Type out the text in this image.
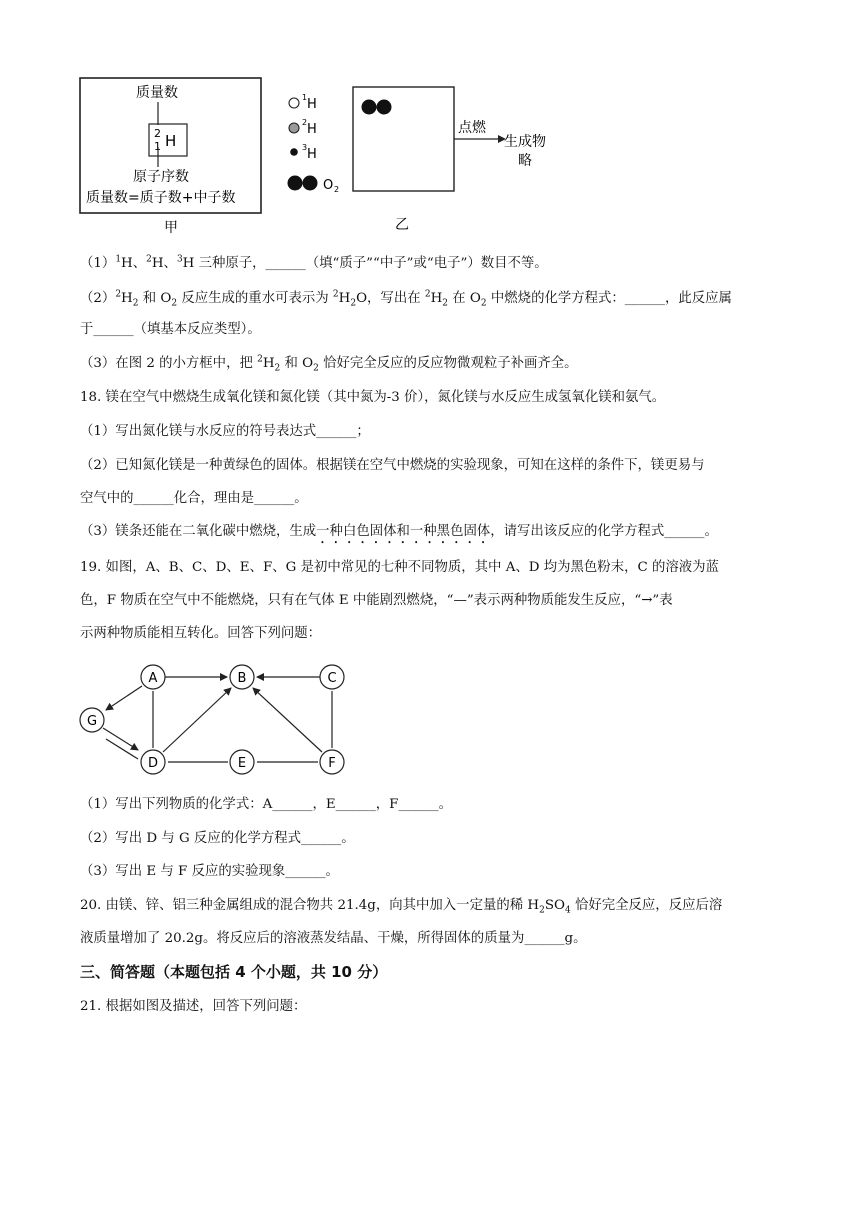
质量数
2
1 H
原子序数
质量数=质子数+中子数
甲
1 H
2 H
3 H
O 2
点燃
生成物
略
乙
$(1)^1H$、$^2$H、$^3$H 三种原子，______（填“质子”“中子”或“电子”）数目不等。
$(2)^2H_2$ 和 $O_2$ 反应生成的重水可表示为 $^2H_2O$，写出在 $^2H_2$ 在 $O_2$ 中燃烧的化学方程式：______，此反应属
于______（填基本反应类型）。
（3）在图 2 的小方框中，把 $^2H_2$ 和 $O_2$ 恰好完全反应的反应物微观粒子补画齐全。
18. 镁在空气中燃烧生成氧化镁和氮化镁（其中氮为-3 价），氮化镁与水反应生成氢氧化镁和氨气。
（1）写出氮化镁与水反应的符号表达式______；
（2）已知氮化镁是一种黄绿色的固体。根据镁在空气中燃烧的实验现象，可知在这样的条件下，镁更易与
空气中的______化合，理由是______。
（3）镁条还能在二氧化碳中燃烧，生成一种白色固体和一种黑色固体，请写出该反应的化学方程式______。
19. 如图，A、B、C、D、E、F、G 是初中常见的七种不同物质，其中 A、D 均为黑色粉末，C 的溶液为蓝
色，F 物质在空气中不能燃烧，只有在气体 E 中能剧烈燃烧，“—”表示两种物质能发生反应，“→”表
示两种物质能相互转化。回答下列问题：
A	B	C
G
D	E	F
（1）写出下列物质的化学式：A______，E______，F______。
（2）写出 D 与 G 反应的化学方程式______。
（3）写出 E 与 F 反应的实验现象______。
20. 由镁、锌、铝三种金属组成的混合物共 21.4g，向其中加入一定量的稀 $H_2SO_4$ 恰好完全反应，反应后溶
液质量增加了 20.2g。将反应后的溶液蒸发结晶、干燥，所得固体的质量为______g。
三、简答题（本题包括 4 个小题，共 10 分）
21. 根据如图及描述，回答下列问题：
